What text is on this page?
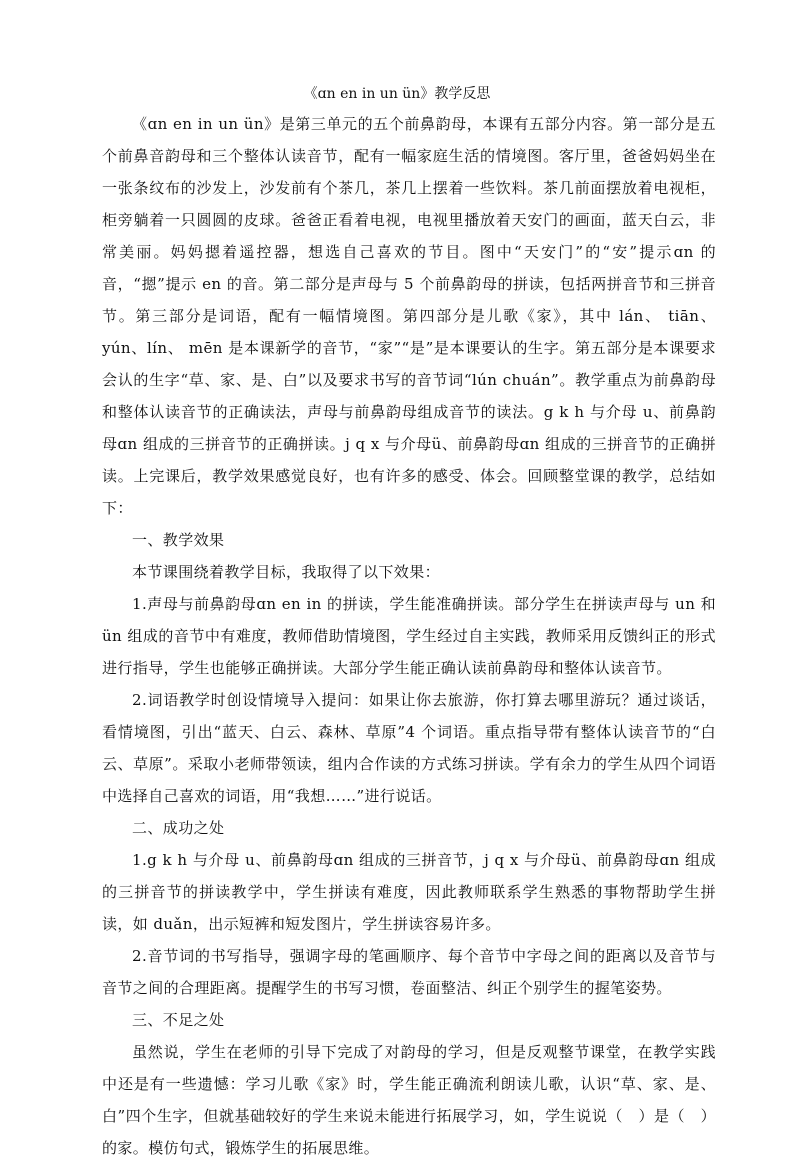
《ɑn en in un ün》教学反思

《ɑn en in un ün》是第三单元的五个前鼻韵母，本课有五部分内容。第一部分是五个前鼻音韵母和三个整体认读音节，配有一幅家庭生活的情境图。客厅里，爸爸妈妈坐在一张条纹布的沙发上，沙发前有个茶几，茶几上摆着一些饮料。茶几前面摆放着电视柜，柜旁躺着一只圆圆的皮球。爸爸正看着电视，电视里播放着天安门的画面，蓝天白云，非常美丽。妈妈摁着遥控器，想选自己喜欢的节目。图中“天安门”的“安”提示ɑn 的音，“摁”提示 en 的音。第二部分是声母与 5 个前鼻韵母的拼读，包括两拼音节和三拼音节。第三部分是词语，配有一幅情境图。第四部分是儿歌《家》，其中 lán、 tiān、 yún、lín、 mēn 是本课新学的音节，“家”“是”是本课要认的生字。第五部分是本课要求会认的生字“草、家、是、白”以及要求书写的音节词“lún chuán”。教学重点为前鼻韵母和整体认读音节的正确读法，声母与前鼻韵母组成音节的读法。g k h 与介母 u、前鼻韵母ɑn 组成的三拼音节的正确拼读。j q x 与介母ü、前鼻韵母ɑn 组成的三拼音节的正确拼读。上完课后，教学效果感觉良好，也有许多的感受、体会。回顾整堂课的教学，总结如下：

一、教学效果

本节课围绕着教学目标，我取得了以下效果：

1.声母与前鼻韵母ɑn en in 的拼读，学生能准确拼读。部分学生在拼读声母与 un 和ün 组成的音节中有难度，教师借助情境图，学生经过自主实践，教师采用反馈纠正的形式进行指导，学生也能够正确拼读。大部分学生能正确认读前鼻韵母和整体认读音节。

2.词语教学时创设情境导入提问：如果让你去旅游，你打算去哪里游玩？通过谈话，看情境图，引出“蓝天、白云、森林、草原”4 个词语。重点指导带有整体认读音节的“白云、草原”。采取小老师带领读，组内合作读的方式练习拼读。学有余力的学生从四个词语中选择自己喜欢的词语，用“我想……”进行说话。

二、成功之处

1.g k h 与介母 u、前鼻韵母ɑn 组成的三拼音节，j q x 与介母ü、前鼻韵母ɑn 组成的三拼音节的拼读教学中，学生拼读有难度，因此教师联系学生熟悉的事物帮助学生拼读，如 duǎn，出示短裤和短发图片，学生拼读容易许多。

2.音节词的书写指导，强调字母的笔画顺序、每个音节中字母之间的距离以及音节与音节之间的合理距离。提醒学生的书写习惯，卷面整洁、纠正个别学生的握笔姿势。

三、不足之处

虽然说，学生在老师的引导下完成了对韵母的学习，但是反观整节课堂，在教学实践中还是有一些遗憾：学习儿歌《家》时，学生能正确流利朗读儿歌，认识“草、家、是、白”四个生字，但就基础较好的学生来说未能进行拓展学习，如，学生说说（　）是（　）的家。模仿句式，锻炼学生的拓展思维。
